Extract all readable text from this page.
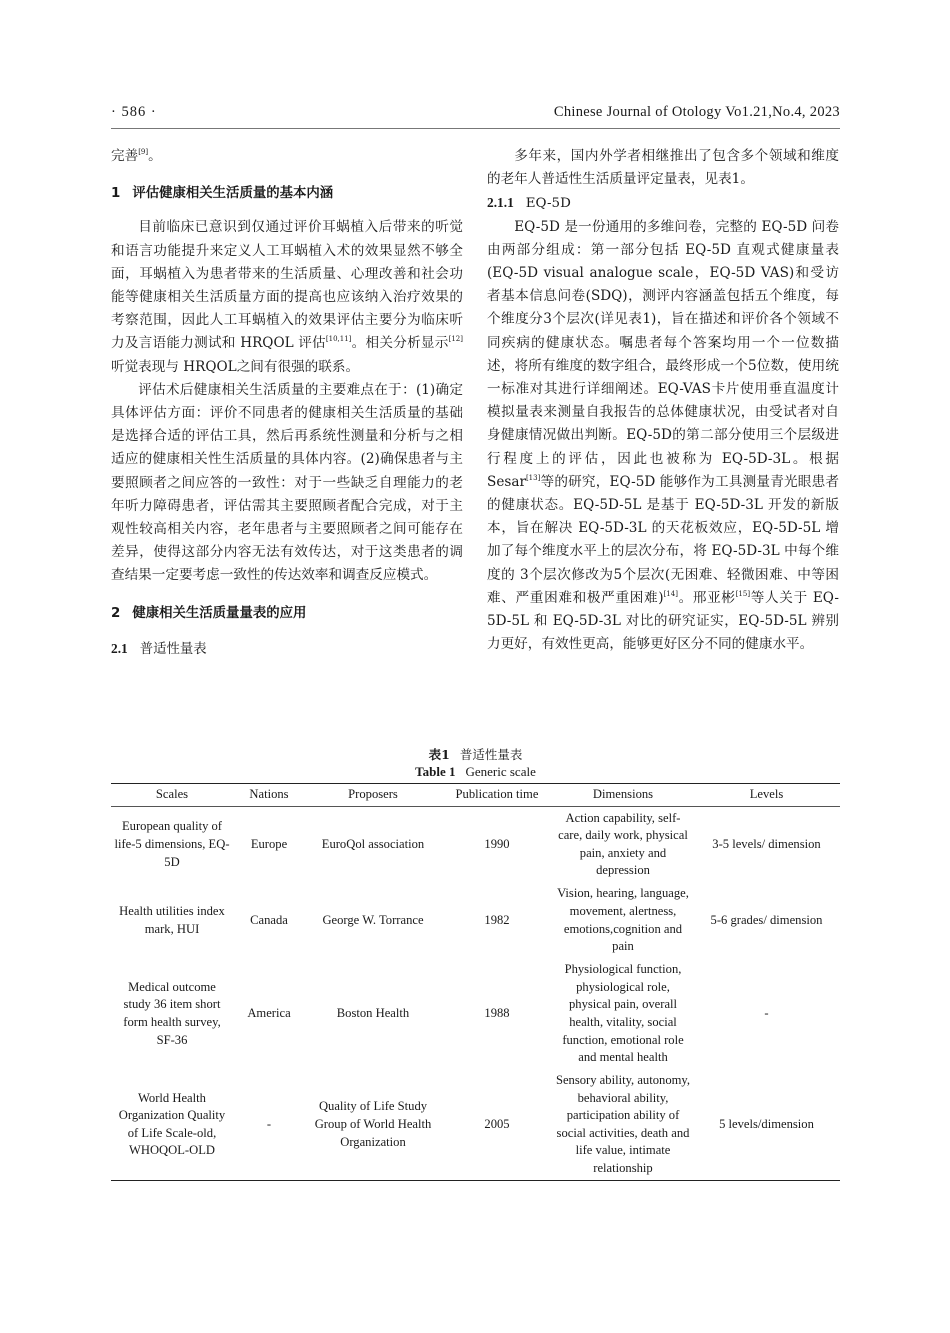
· 586 ·	Chinese Journal of Otology Vo1.21,No.4, 2023

完善[9]。

1 评估健康相关生活质量的基本内涵

目前临床已意识到仅通过评价耳蜗植入后带来的听觉和语言功能提升来定义人工耳蜗植入术的效果显然不够全面，耳蜗植入为患者带来的生活质量、心理改善和社会功能等健康相关生活质量方面的提高也应该纳入治疗效果的考察范围，因此人工耳蜗植入的效果评估主要分为临床听力及言语能力测试和 HRQOL 评估[10,11]。相关分析显示[12]听觉表现与 HRQOL之间有很强的联系。

评估术后健康相关生活质量的主要难点在于：(1)确定具体评估方面：评价不同患者的健康相关生活质量的基础是选择合适的评估工具，然后再系统性测量和分析与之相适应的健康相关性生活质量的具体内容。(2)确保患者与主要照顾者之间应答的一致性：对于一些缺乏自理能力的老年听力障碍患者，评估需其主要照顾者配合完成，对于主观性较高相关内容，老年患者与主要照顾者之间可能存在差异，使得这部分内容无法有效传达，对于这类患者的调查结果一定要考虑一致性的传达效率和调查反应模式。

2 健康相关生活质量量表的应用
2.1 普适性量表

多年来，国内外学者相继推出了包含多个领域和维度的老年人普适性生活质量评定量表，见表1。

2.1.1 EQ-5D

EQ-5D 是一份通用的多维问卷，完整的 EQ-5D 问卷由两部分组成：第一部分包括 EQ-5D 直观式健康量表(EQ-5D visual analogue scale，EQ-5D VAS)和受访者基本信息问卷(SDQ)，测评内容涵盖包括五个维度，每个维度分3个层次(详见表1)，旨在描述和评价各个领域不同疾病的健康状态。嘱患者每个答案均用一个一位数描述，将所有维度的数字组合，最终形成一个5位数，使用统一标准对其进行详细阐述。EQ-VAS卡片使用垂直温度计模拟量表来测量自我报告的总体健康状况，由受试者对自身健康情况做出判断。EQ-5D的第二部分使用三个层级进行程度上的评估，因此也被称为 EQ-5D-3L。根据Sesar[13]等的研究，EQ-5D 能够作为工具测量青光眼患者的健康状态。EQ-5D-5L 是基于 EQ-5D-3L 开发的新版本，旨在解决 EQ-5D-3L 的天花板效应，EQ-5D-5L 增加了每个维度水平上的层次分布，将 EQ-5D-3L 中每个维度的 3个层次修改为5个层次(无困难、轻微困难、中等困难、严重困难和极严重困难)[14]。邢亚彬[15]等人关于 EQ-5D-5L 和 EQ-5D-3L 对比的研究证实，EQ-5D-5L 辨别力更好，有效性更高，能够更好区分不同的健康水平。

表1 普适性量表
Table 1 Generic scale
Scales	Nations	Proposers	Publication time	Dimensions	Levels
European quality of life-5 dimensions, EQ-5D	Europe	EuroQol association	1990	Action capability, self-care, daily work, physical pain, anxiety and depression	3-5 levels/ dimension
Health utilities index mark, HUI	Canada	George W. Torrance	1982	Vision, hearing, language, movement, alertness, emotions,cognition and pain	5-6 grades/ dimension
Medical outcome study 36 item short form health survey, SF-36	America	Boston Health	1988	Physiological function, physiological role, physical pain, overall health, vitality, social function, emotional role and mental health	-
World Health Organization Quality of Life Scale-old, WHOQOL-OLD	-	Quality of Life Study Group of World Health Organization	2005	Sensory ability, autonomy, behavioral ability, participation ability of social activities, death and life value, intimate relationship	5 levels/dimension
